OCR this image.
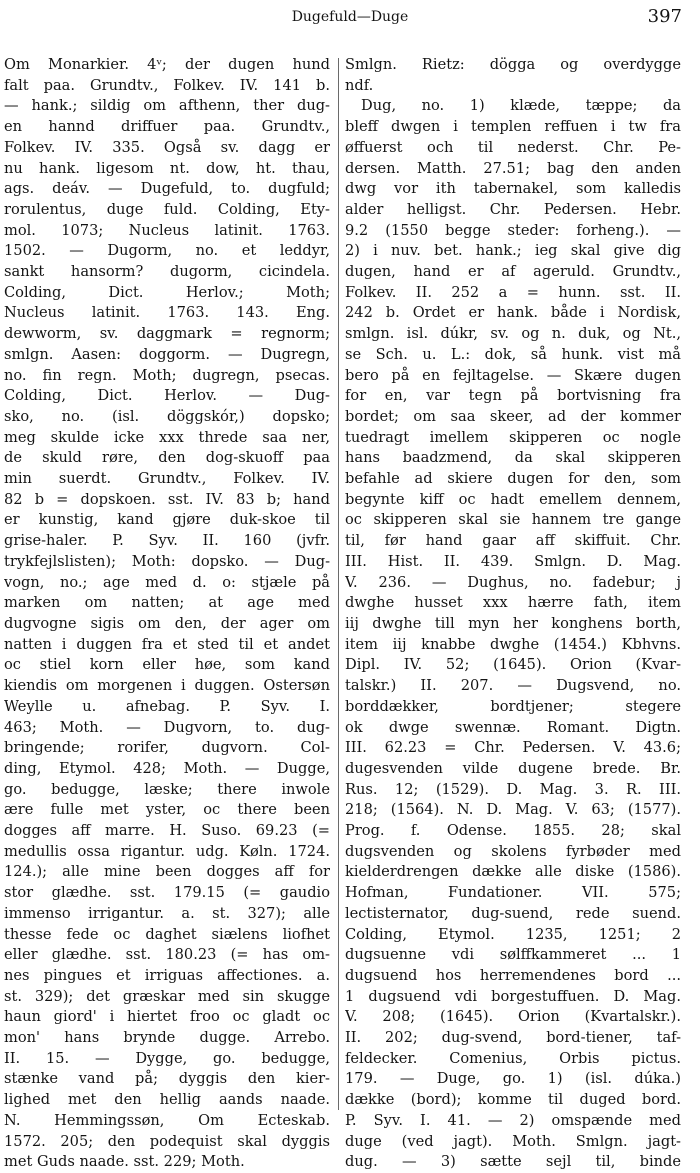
Dugefuld—Duge	397
Om Monarkier. 4ᵛ; der dugen hund
falt paa. Grundtv., Folkev. IV. 141 b.
— hank.; sildig om afthenn, ther dug-
en hannd driffuer paa. Grundtv.,
Folkev. IV. 335. Også sv. dagg er
nu hank. ligesom nt. dow, ht. thau,
ags. deáv. — Dugefuld, to. dugfuld;
rorulentus, duge fuld. Colding, Ety-
mol. 1073; Nucleus latinit. 1763.
1502. — Dugorm, no. et leddyr,
sankt hansorm? dugorm, cicindela.
Colding, Dict. Herlov.; Moth;
Nucleus latinit. 1763. 143. Eng.
dewworm, sv. daggmark = regnorm;
smlgn. Aasen: doggorm. — Dugregn,
no. fin regn. Moth; dugregn, psecas.
Colding, Dict. Herlov. — Dug-
sko, no. (isl. döggskór,) dopsko;
meg skulde icke xxx threde saa ner,
de skuld røre, den dog-skuoff paa
min suerdt. Grundtv., Folkev. IV.
82 b = dopskoen. sst. IV. 83 b; hand
er kunstig, kand gjøre duk-skoe til
grise-haler. P. Syv. II. 160 (jvfr.
trykfejlslisten); Moth: dopsko. — Dug-
vogn, no.; age med d. o: stjæle på
marken om natten; at age med
dugvogne sigis om den, der ager om
natten i duggen fra et sted til et andet
oc stiel korn eller høe, som kand
kiendis om morgenen i duggen. Ostersøn
Weylle u. afnebag. P. Syv. I.
463; Moth. — Dugvorn, to. dug-
bringende; rorifer, dugvorn. Col-
ding, Etymol. 428; Moth. — Dugge,
go. bedugge, læske; there inwole
ære fulle met yster, oc there been
dogges aff marre. H. Suso. 69.23 (=
medullis ossa rigantur. udg. Køln. 1724.
124.); alle mine been dogges aff for
stor glædhe. sst. 179.15 (= gaudio
immenso irrigantur. a. st. 327); alle
thesse fede oc daghet siælens liofhet
eller glædhe. sst. 180.23 (= has om-
nes pingues et irriguas affectiones. a.
st. 329); det græskar med sin skugge
haun giord' i hiertet froo oc gladt oc
mon' hans brynde dugge. Arrebo.
II. 15. — Dygge, go. bedugge,
stænke vand på; dyggis den kier-
lighed met den hellig aands naade.
N. Hemmingssøn, Om Ecteskab.
1572. 205; den podequist skal dyggis
met Guds naade. sst. 229; Moth.
Smlgn. Rietz: dögga og overdygge
ndf.
Dug, no. 1) klæde, tæppe; da
bleff dwgen i templen reffuen i tw fra
øffuerst och til nederst. Chr. Pe-
dersen. Matth. 27.51; bag den anden
dwg vor ith tabernakel, som kalledis
alder helligst. Chr. Pedersen. Hebr.
9.2 (1550 begge steder: forheng.). —
2) i nuv. bet. hank.; ieg skal give dig
dugen, hand er af ageruld. Grundtv.,
Folkev. II. 252 a = hunn. sst. II.
242 b. Ordet er hank. både i Nordisk,
smlgn. isl. dúkr, sv. og n. duk, og Nt.,
se Sch. u. L.: dok, så hunk. vist må
bero på en fejltagelse. — Skære dugen
for en, var tegn på bortvisning fra
bordet; om saa skeer, ad der kommer
tuedragt imellem skipperen oc nogle
hans baadzmend, da skal skipperen
befahle ad skiere dugen for den, som
begynte kiff oc hadt emellem dennem,
oc skipperen skal sie hannem tre gange
til, før hand gaar aff skiffuit. Chr.
III. Hist. II. 439. Smlgn. D. Mag.
V. 236. — Dughus, no. fadebur; j
dwghe husset xxx hærre fath, item
iij dwghe till myn her konghens borth,
item iij knabbe dwghe (1454.) Kbhvns.
Dipl. IV. 52; (1645). Orion (Kvar-
talskr.) II. 207. — Dugsvend, no.
borddækker, bordtjener; stegere
ok dwge swennæ. Romant. Digtn.
III. 62.23 = Chr. Pedersen. V. 43.6;
dugesvenden vilde dugene brede. Br.
Rus. 12; (1529). D. Mag. 3. R. III.
218; (1564). N. D. Mag. V. 63; (1577).
Prog. f. Odense. 1855. 28; skal
dugsvenden og skolens fyrbøder med
kielderdrengen dække alle diske (1586).
Hofman, Fundationer. VII. 575;
lectisternator, dug-suend, rede suend.
Colding, Etymol. 1235, 1251; 2
dugsuenne vdi sølffkammeret ... 1
dugsuend hos herremendenes bord ...
1 dugsuend vdi borgestuffuen. D. Mag.
V. 208; (1645). Orion (Kvartalskr.).
II. 202; dug-svend, bord-tiener, taf-
feldecker. Comenius, Orbis pictus.
179. — Duge, go. 1) (isl. dúka.)
dække (bord); komme til duged bord.
P. Syv. I. 41. — 2) omspænde med
duge (ved jagt). Moth. Smlgn. jagt-
dug. — 3) sætte sejl til, binde
